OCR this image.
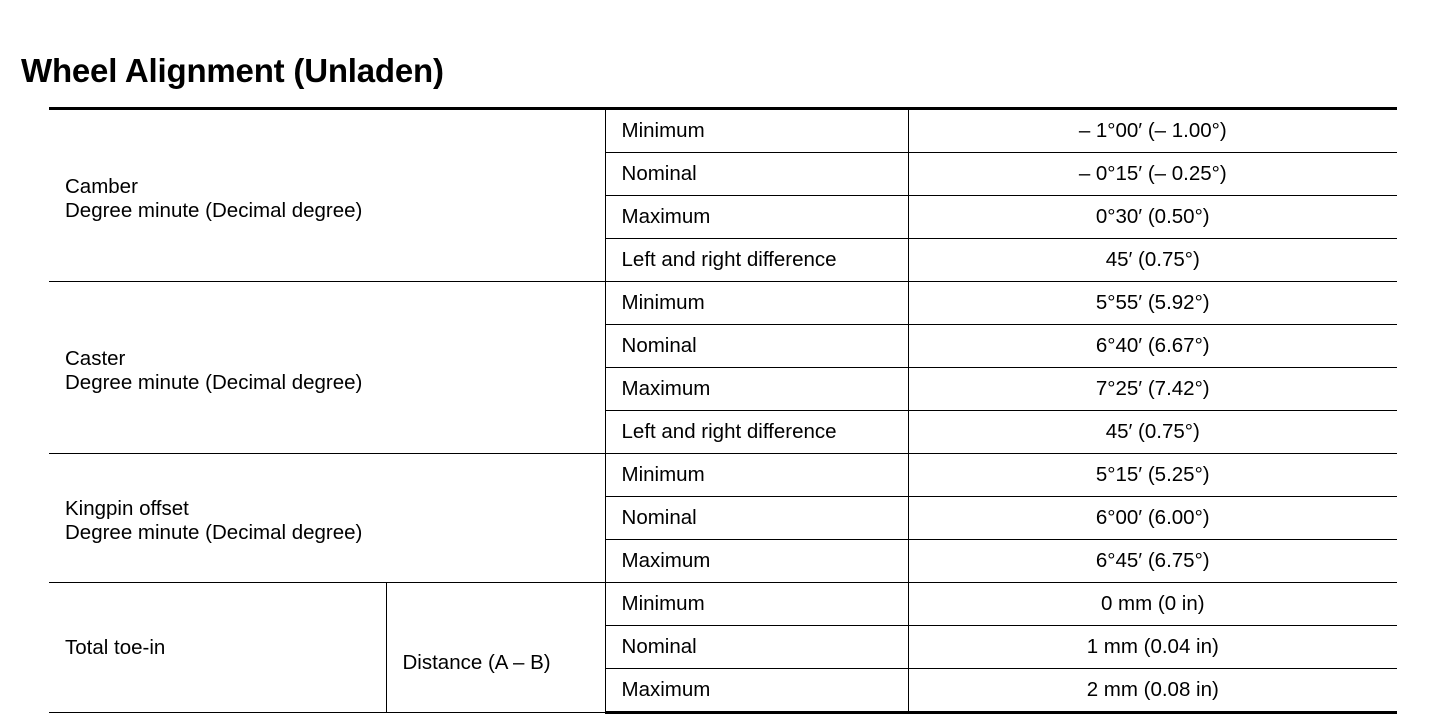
Wheel Alignment (Unladen)
Camber
Degree minute (Decimal degree)		Minimum	– 1°00′ (– 1.00°)
		Nominal	– 0°15′ (– 0.25°)
		Maximum	0°30′ (0.50°)
		Left and right difference	45′ (0.75°)

Caster
Degree minute (Decimal degree)		Minimum	5°55′ (5.92°)
		Nominal	6°40′ (6.67°)
		Maximum	7°25′ (7.42°)
		Left and right difference	45′ (0.75°)

Kingpin offset
Degree minute (Decimal degree)		Minimum	5°15′ (5.25°)
		Nominal	6°00′ (6.00°)
		Maximum	6°45′ (6.75°)
Total toe-in	Distance (A – B)	Minimum	0 mm (0 in)
		Nominal	1 mm (0.04 in)
		Maximum	2 mm (0.08 in)
